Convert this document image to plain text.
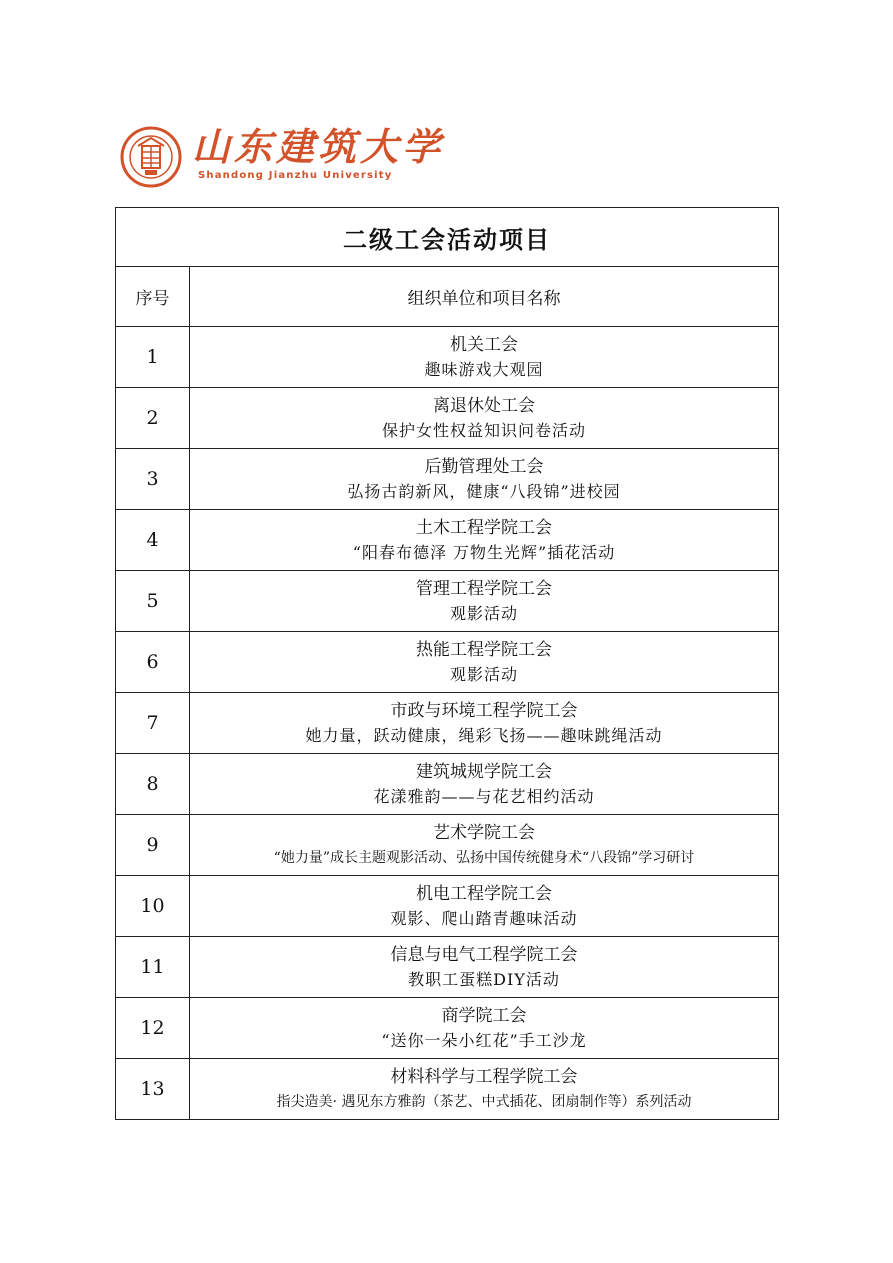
山东建筑大学
Shandong Jianzhu University
二级工会活动项目	
序号	组织单位和项目名称
1	机关工会
趣味游戏大观园

2	离退休处工会
保护女性权益知识问卷活动

3	后勤管理处工会
弘扬古韵新风，健康“八段锦”进校园

4	土木工程学院工会
“阳春布德泽 万物生光辉”插花活动

5	管理工程学院工会
观影活动

6	热能工程学院工会
观影活动

7	市政与环境工程学院工会
她力量，跃动健康，绳彩飞扬——趣味跳绳活动

8	建筑城规学院工会
花漾雅韵——与花艺相约活动

9	艺术学院工会
“她力量”成长主题观影活动、弘扬中国传统健身术“八段锦”学习研讨

10	机电工程学院工会
观影、爬山踏青趣味活动

11	信息与电气工程学院工会
教职工蛋糕DIY活动

12	商学院工会
“送你一朵小红花”手工沙龙

13	材料科学与工程学院工会
指尖造美· 遇见东方雅韵（茶艺、中式插花、团扇制作等）系列活动
